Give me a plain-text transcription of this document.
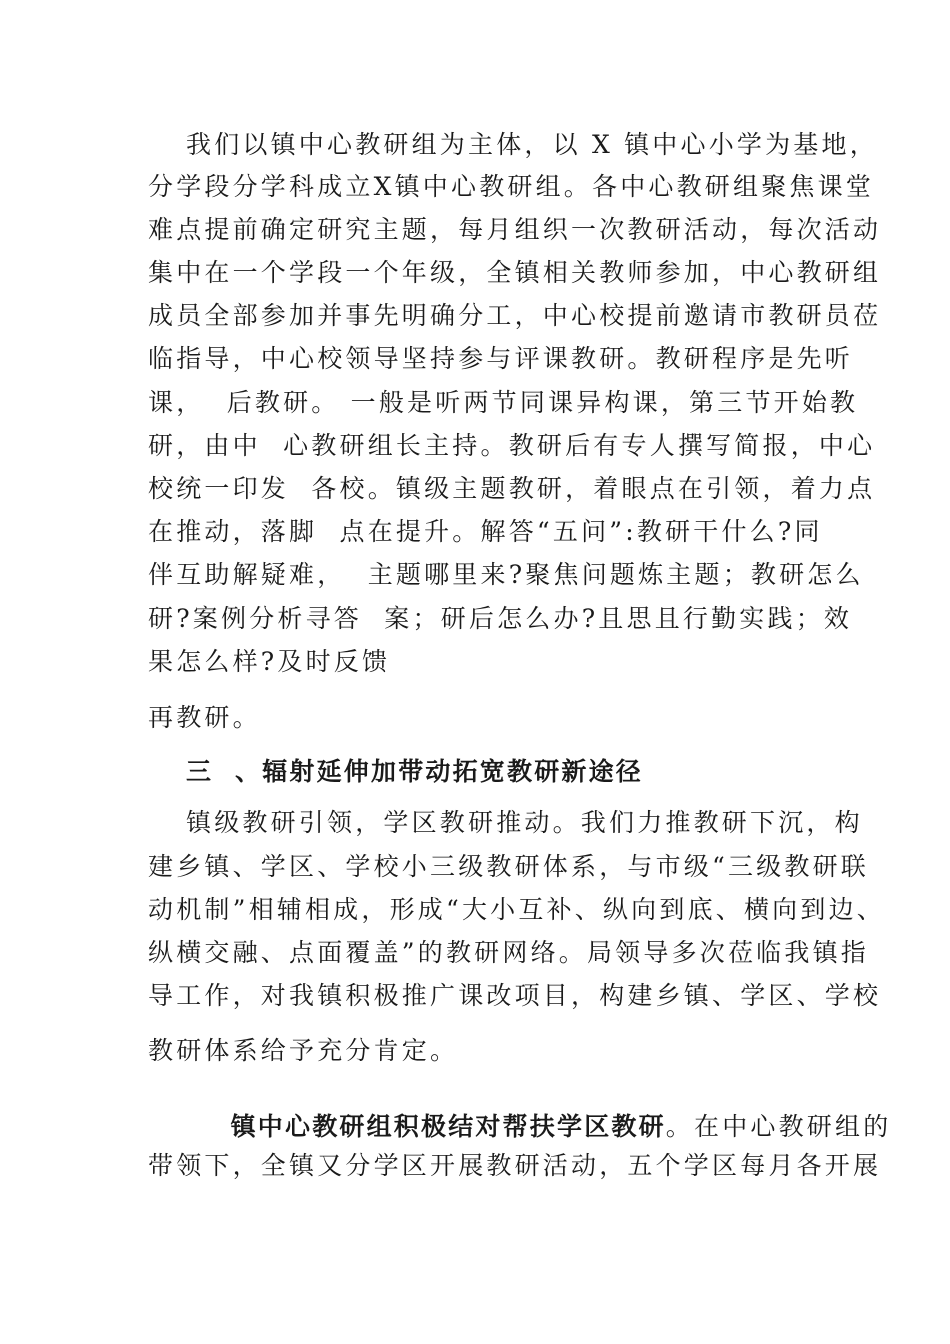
我们以镇中心教研组为主体，以 X 镇中心小学为基地，
分学段分学科成立X镇中心教研组。各中心教研组聚焦课堂
难点提前确定研究主题，每月组织一次教研活动，每次活动
集中在一个学段一个年级，全镇相关教师参加，中心教研组
成员全部参加并事先明确分工，中心校提前邀请市教研员莅
临指导，中心校领导坚持参与评课教研。教研程序是先听
课，  后教研。 一般是听两节同课异构课，第三节开始教
研，由中  心教研组长主持。教研后有专人撰写简报，中心
校统一印发  各校。镇级主题教研，着眼点在引领，着力点
在推动，落脚  点在提升。解答“五问”:教研干什么?同
伴互助解疑难，  主题哪里来?聚焦问题炼主题；教研怎么
研?案例分析寻答  案；研后怎么办?且思且行勤实践；效
果怎么样?及时反馈
再教研。
三  、辐射延伸加带动拓宽教研新途径
镇级教研引领，学区教研推动。我们力推教研下沉，构
建乡镇、学区、学校小三级教研体系，与市级“三级教研联
动机制”相辅相成，形成“大小互补、纵向到底、横向到边、
纵横交融、点面覆盖”的教研网络。局领导多次莅临我镇指
导工作，对我镇积极推广课改项目，构建乡镇、学区、学校
教研体系给予充分肯定。

镇中心教研组积极结对帮扶学区教研。在中心教研组的

带领下，全镇又分学区开展教研活动，五个学区每月各开展
